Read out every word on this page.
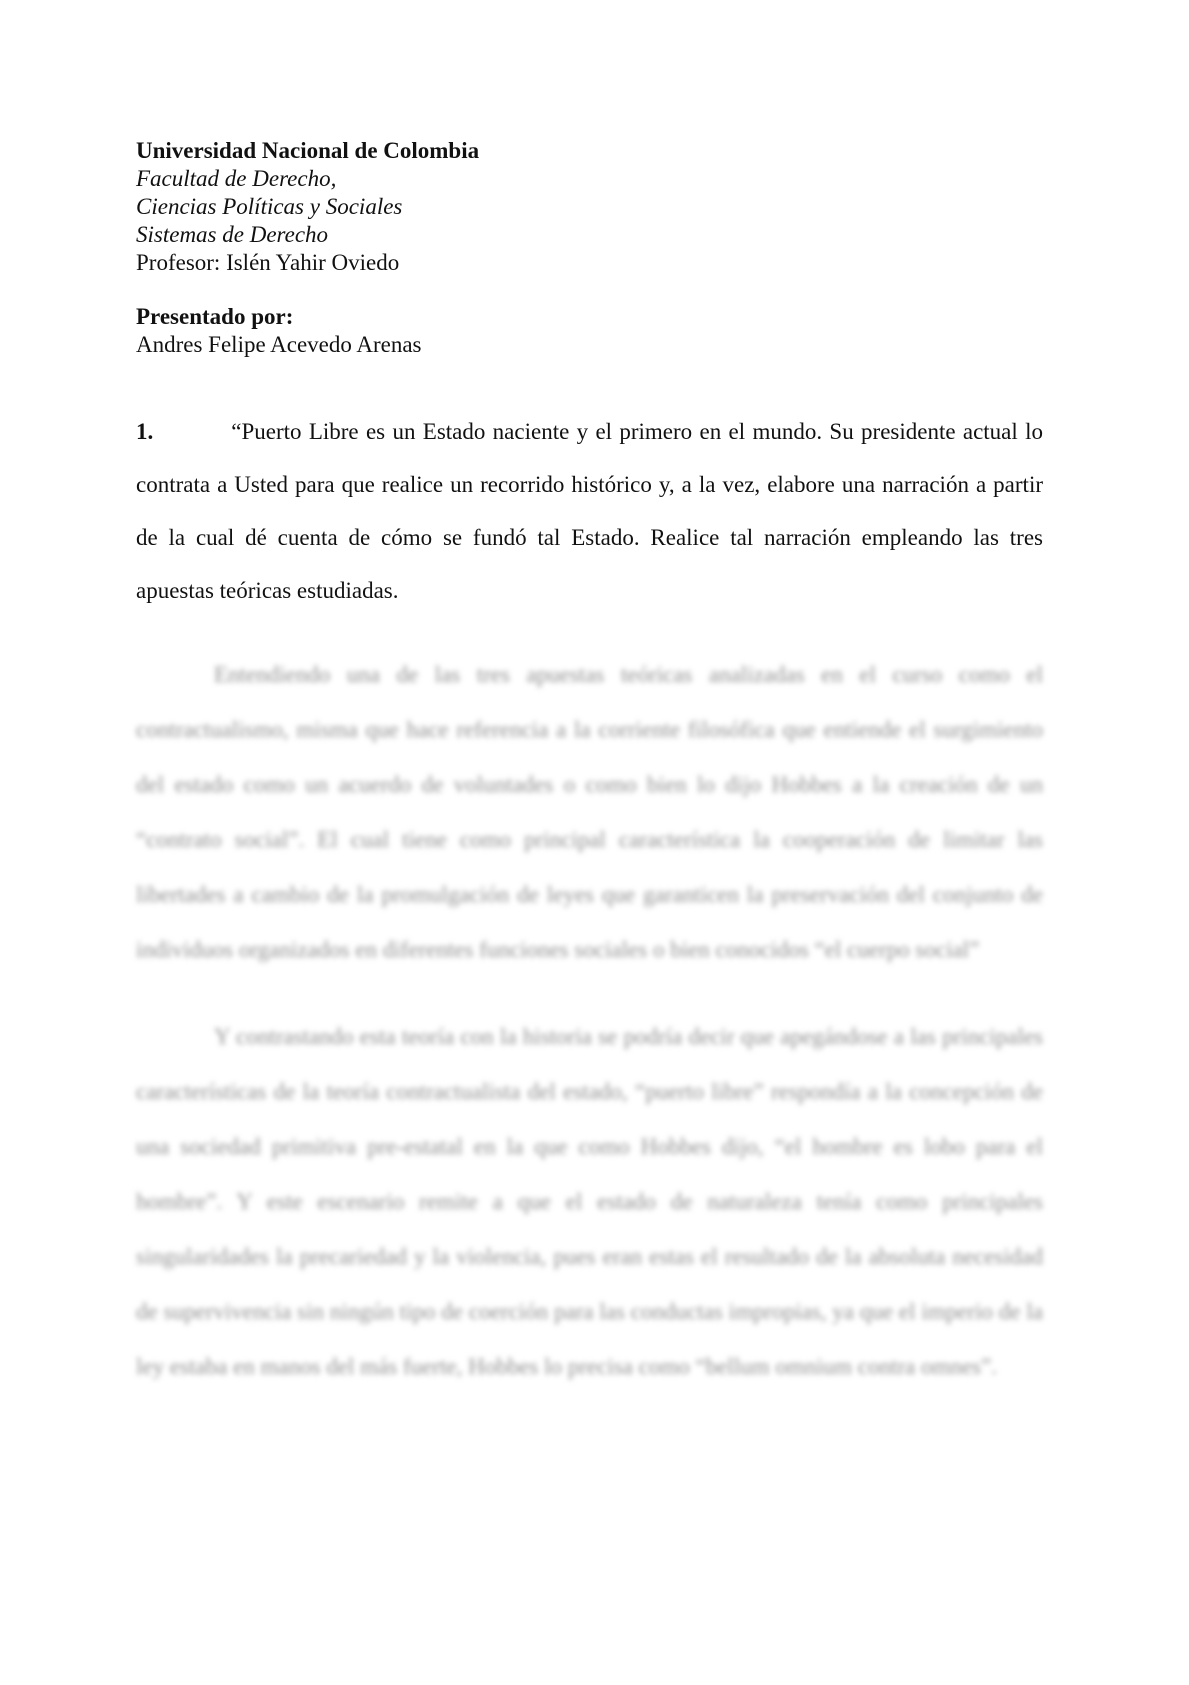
Universidad Nacional de Colombia
Facultad de Derecho,
Ciencias Políticas y Sociales
Sistemas de Derecho
Profesor: Islén Yahir Oviedo
Presentado por:
Andres Felipe Acevedo Arenas

1.	“Puerto Libre es un Estado naciente y el primero en el mundo. Su presidente actual lo contrata a Usted para que realice un recorrido histórico y, a la vez, elabore una narración a partir de la cual dé cuenta de cómo se fundó tal Estado. Realice tal narración empleando las tres apuestas teóricas estudiadas.

Entendiendo una de las tres apuestas teóricas analizadas en el curso como el contractualismo, misma que hace referencia a la corriente filosófica que entiende el surgimiento del estado como un acuerdo de voluntades o como bien lo dijo Hobbes a la creación de un “contrato social”. El cual tiene como principal característica la cooperación de limitar las libertades a cambio de la promulgación de leyes que garanticen la preservación del conjunto de individuos organizados en diferentes funciones sociales o bien conocidos “el cuerpo social”

Y contrastando esta teoría con la historia se podría decir que apegándose a las principales características de la teoría contractualista del estado, “puerto libre” respondía a la concepción de una sociedad primitiva pre-estatal en la que como Hobbes dijo, “el hombre es lobo para el hombre”. Y este escenario remite a que el estado de naturaleza tenía como principales singularidades la precariedad y la violencia, pues eran estas el resultado de la absoluta necesidad de supervivencia sin ningún tipo de coerción para las conductas impropias, ya que el imperio de la ley estaba en manos del más fuerte, Hobbes lo precisa como “bellum omnium contra omnes”.
